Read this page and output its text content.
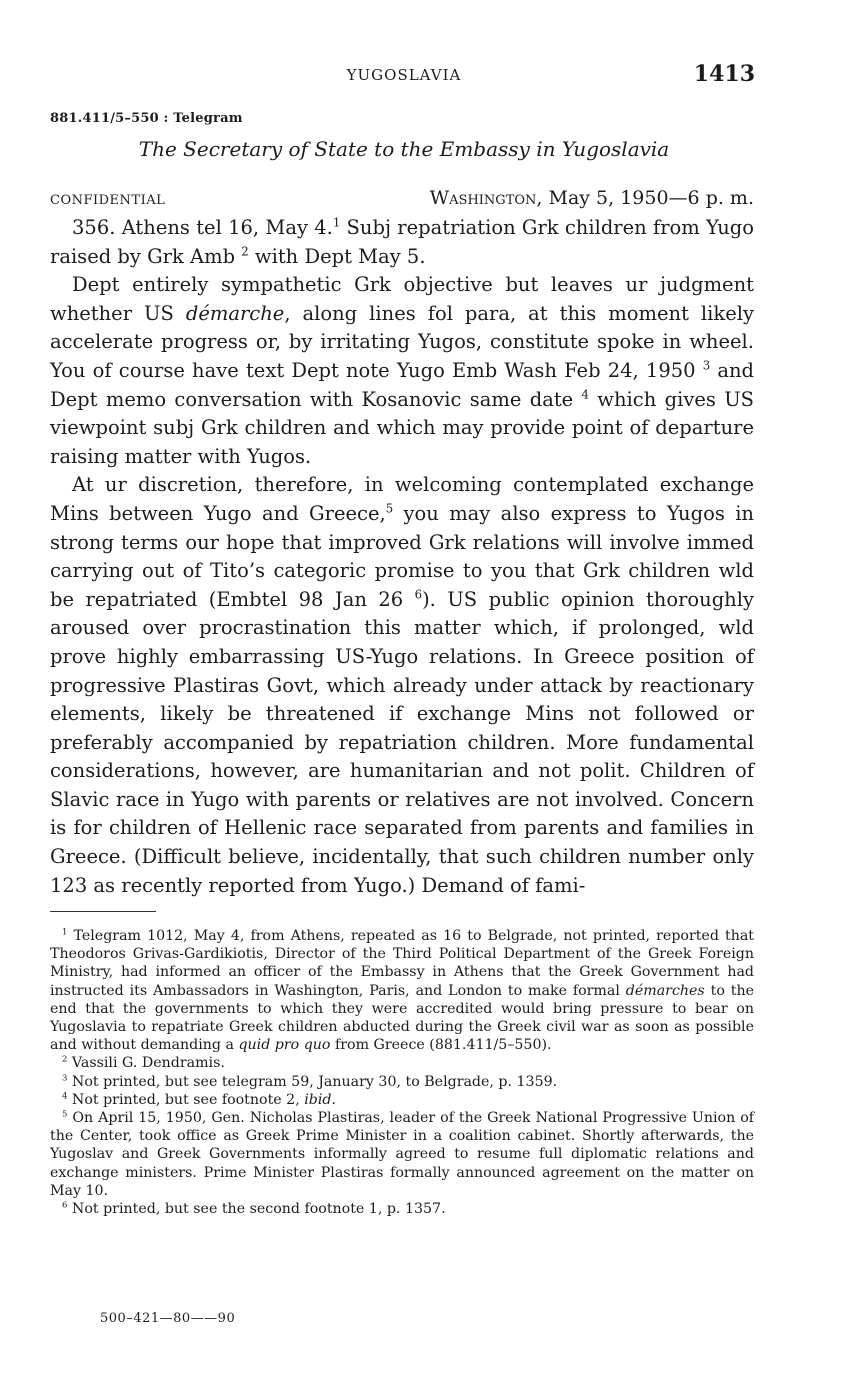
YUGOSLAVIA	1413
881.411/5–550 : Telegram
The Secretary of State to the Embassy in Yugoslavia
CONFIDENTIAL	Washington, May 5, 1950—6 p. m.

356. Athens tel 16, May 4.$^1$ Subj repatriation Grk children from Yugo raised by Grk Amb $^2$ with Dept May 5.

Dept entirely sympathetic Grk objective but leaves ur judgment whether US démarche, along lines fol para, at this moment likely accelerate progress or, by irritating Yugos, constitute spoke in wheel. You of course have text Dept note Yugo Emb Wash Feb 24, 1950 $^3$ and Dept memo conversation with Kosanovic same date $^4$ which gives US viewpoint subj Grk children and which may provide point of departure raising matter with Yugos.

At ur discretion, therefore, in welcoming contemplated exchange Mins between Yugo and Greece,$^5$ you may also express to Yugos in strong terms our hope that improved Grk relations will involve immed carrying out of Tito’s categoric promise to you that Grk children wld be repatriated (Embtel 98 Jan 26 $^6$). US public opinion thoroughly aroused over procrastination this matter which, if prolonged, wld prove highly embarrassing US-Yugo relations. In Greece position of progressive Plastiras Govt, which already under attack by reactionary elements, likely be threatened if exchange Mins not followed or preferably accompanied by repatriation children. More fundamental considerations, however, are humanitarian and not polit. Children of Slavic race in Yugo with parents or relatives are not involved. Concern is for children of Hellenic race separated from parents and families in Greece. (Difficult believe, incidentally, that such children number only 123 as recently reported from Yugo.) Demand of fami-

$^1$ Telegram 1012, May 4, from Athens, repeated as 16 to Belgrade, not printed, reported that Theodoros Grivas-Gardikiotis, Director of the Third Political Department of the Greek Foreign Ministry, had informed an officer of the Embassy in Athens that the Greek Government had instructed its Ambassadors in Washington, Paris, and London to make formal démarches to the end that the governments to which they were accredited would bring pressure to bear on Yugoslavia to repatriate Greek children abducted during the Greek civil war as soon as possible and without demanding a quid pro quo from Greece (881.411/5–550).

$^2$ Vassili G. Dendramis.

$^3$ Not printed, but see telegram 59, January 30, to Belgrade, p. 1359.

$^4$ Not printed, but see footnote 2, ibid.

$^5$ On April 15, 1950, Gen. Nicholas Plastiras, leader of the Greek National Progressive Union of the Center, took office as Greek Prime Minister in a coalition cabinet. Shortly afterwards, the Yugoslav and Greek Governments informally agreed to resume full diplomatic relations and exchange ministers. Prime Minister Plastiras formally announced agreement on the matter on May 10.

$^6$ Not printed, but see the second footnote 1, p. 1357.

500–421—80——90
